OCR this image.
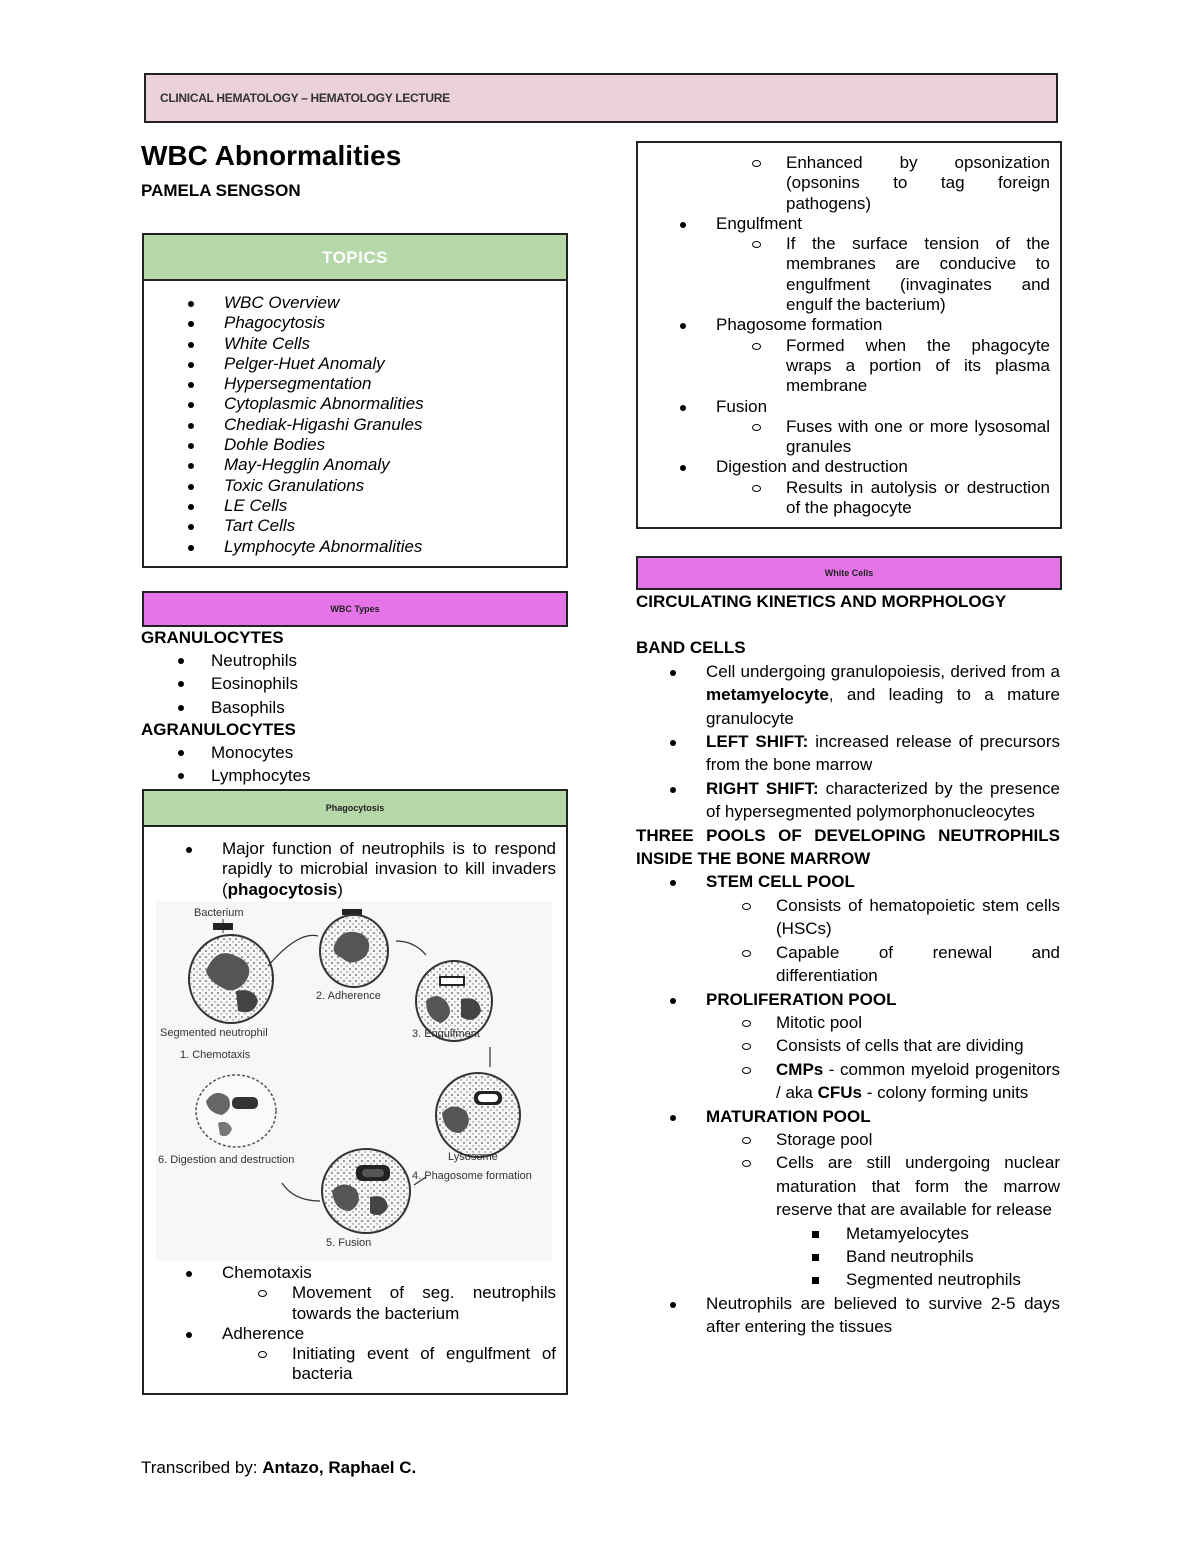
CLINICAL HEMATOLOGY – HEMATOLOGY LECTURE
WBC Abnormalities
PAMELA SENGSON
TOPICS
WBC Overview
Phagocytosis
White Cells
Pelger-Huet Anomaly
Hypersegmentation
Cytoplasmic Abnormalities
Chediak-Higashi Granules
Dohle Bodies
May-Hegglin Anomaly
Toxic Granulations
LE Cells
Tart Cells
Lymphocyte Abnormalities
WBC Types
GRANULOCYTES
Neutrophils
Eosinophils
Basophils
AGRANULOCYTES
Monocytes
Lymphocytes
Phagocytosis
Major function of neutrophils is to respond rapidly to microbial invasion to kill invaders (phagocytosis)
Bacterium
Segmented neutrophil
1. Chemotaxis
2. Adherence
3. Engulfment
Lysosome
4. Phagosome formation
5. Fusion
6. Digestion and destruction
Chemotaxis
Movement of seg. neutrophils towards the bacterium
Adherence
Initiating event of engulfment of bacteria
Enhanced by opsonization (opsonins to tag foreign pathogens)
Engulfment
If the surface tension of the membranes are conducive to engulfment (invaginates and engulf the bacterium)
Phagosome formation
Formed when the phagocyte wraps a portion of its plasma membrane
Fusion
Fuses with one or more lysosomal granules
Digestion and destruction
Results in autolysis or destruction of the phagocyte
White Cells
CIRCULATING KINETICS AND MORPHOLOGY
BAND CELLS
Cell undergoing granulopoiesis, derived from a metamyelocyte, and leading to a mature granulocyte
LEFT SHIFT: increased release of precursors from the bone marrow
RIGHT SHIFT: characterized by the presence of hypersegmented polymorphonucleocytes
THREE POOLS OF DEVELOPING NEUTROPHILS INSIDE THE BONE MARROW
STEM CELL POOL
Consists of hematopoietic stem cells (HSCs)
Capable of renewal and differentiation
PROLIFERATION POOL
Mitotic pool
Consists of cells that are dividing
CMPs - common myeloid progenitors / aka CFUs - colony forming units
MATURATION POOL
Storage pool
Cells are still undergoing nuclear maturation that form the marrow reserve that are available for release
Metamyelocytes
Band neutrophils
Segmented neutrophils
Neutrophils are believed to survive 2-5 days after entering the tissues
Transcribed by: Antazo, Raphael C.
